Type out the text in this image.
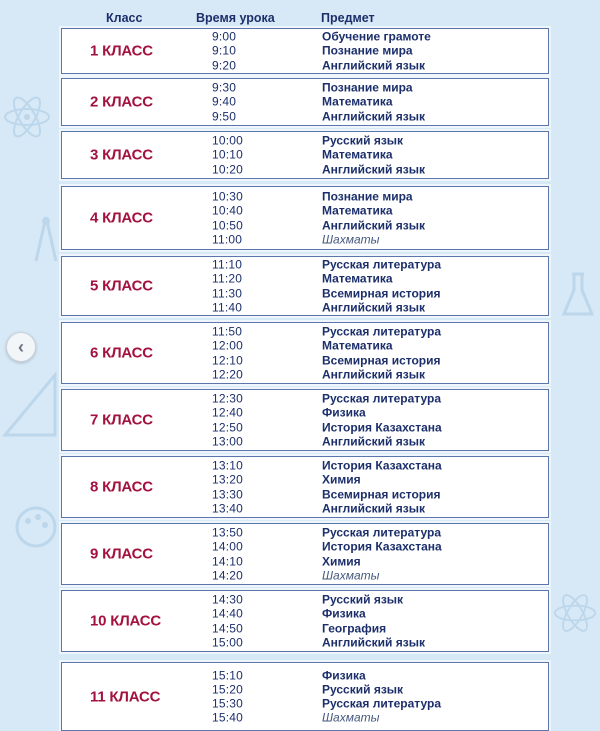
Класс	Время урока	Предмет
1 КЛАСС
9:00
9:10
9:20
Обучение грамоте
Познание мира
Английский язык
2 КЛАСС
9:30
9:40
9:50
Познание мира
Математика
Английский язык
3 КЛАСС
10:00
10:10
10:20
Русский язык
Математика
Английский язык
4 КЛАСС
10:30
10:40
10:50
11:00
Познание мира
Математика
Английский язык
Шахматы
5 КЛАСС
11:10
11:20
11:30
11:40
Русская литература
Математика
Всемирная история
Английский язык
6 КЛАСС
11:50
12:00
12:10
12:20
Русская литература
Математика
Всемирная история
Английский язык
7 КЛАСС
12:30
12:40
12:50
13:00
Русская литература
Физика
История Казахстана
Английский язык
8 КЛАСС
13:10
13:20
13:30
13:40
История Казахстана
Химия
Всемирная история
Английский язык
9 КЛАСС
13:50
14:00
14:10
14:20
Русская литература
История Казахстана
Химия
Шахматы
10 КЛАСС
14:30
14:40
14:50
15:00
Русский язык
Физика
География
Английский язык
11 КЛАСС
15:10
15:20
15:30
15:40
Физика
Русский язык
Русская литература
Шахматы
‹
